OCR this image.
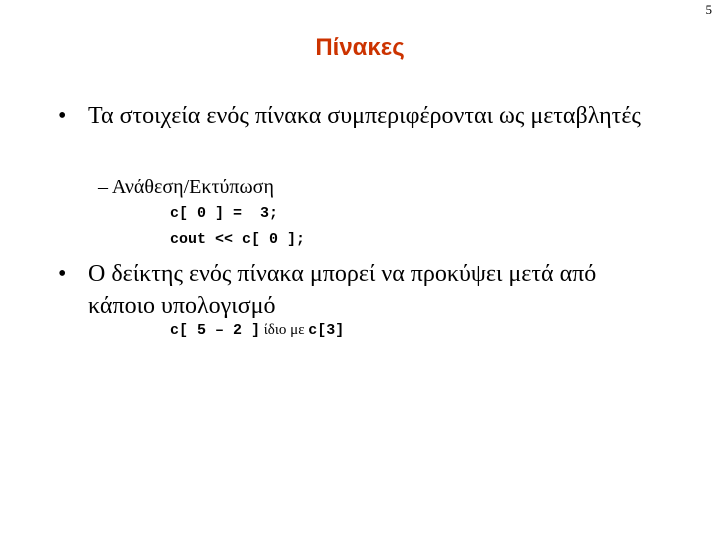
5
Πίνακες
• Τα στοιχεία ενός πίνακα συμπεριφέρονται ως μεταβλητές
– Ανάθεση/Εκτύπωση
c[ 0 ] =  3;
cout << c[ 0 ];
• Ο δείκτης ενός πίνακα μπορεί να προκύψει μετά από κάποιο υπολογισμό
c[ 5 – 2 ] ίδιο με c[3]
